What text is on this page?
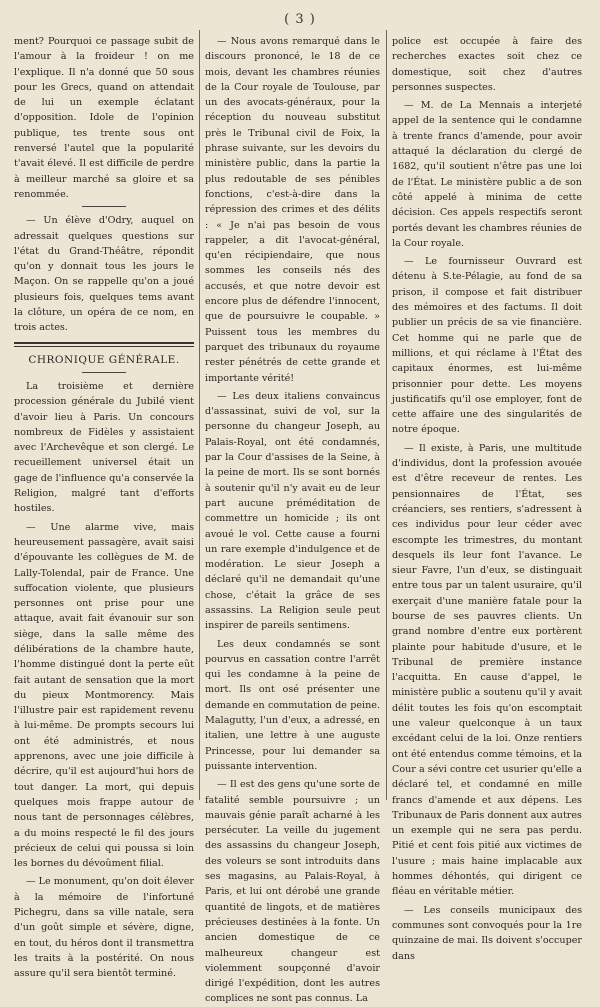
( 3 )

ment? Pourquoi ce passage subit de l'amour à la froideur ! on me l'explique. Il n'a donné que 50 sous pour les Grecs, quand on attendait de lui un exemple éclatant d'opposition. Idole de l'opinion publique, tes trente sous ont renversé l'autel que la popularité t'avait élevé. Il est difficile de perdre à meilleur marché sa gloire et sa renommée.

— Un élève d'Odry, auquel on adressait quelques questions sur l'état du Grand-Théâtre, répondit qu'on y donnait tous les jours le Maçon. On se rappelle qu'on a joué plusieurs fois, quelques tems avant la clôture, un opéra de ce nom, en trois actes.

CHRONIQUE GÉNÉRALE.

La troisième et dernière procession générale du Jubilé vient d'avoir lieu à Paris. Un concours nombreux de Fidèles y assistaient avec l'Archevêque et son clergé. Le recueillement universel était un gage de l'influence qu'a conservée la Religion, malgré tant d'efforts hostiles.

— Une alarme vive, mais heureusement passagère, avait saisi d'épouvante les collègues de M. de Lally-Tolendal, pair de France. Une suffocation violente, que plusieurs personnes ont prise pour une attaque, avait fait évanouir sur son siège, dans la salle même des délibérations de la chambre haute, l'homme distingué dont la perte eût fait autant de sensation que la mort du pieux Montmorency. Mais l'illustre pair est rapidement revenu à lui-même. De prompts secours lui ont été administrés, et nous apprenons, avec une joie difficile à décrire, qu'il est aujourd'hui hors de tout danger. La mort, qui depuis quelques mois frappe autour de nous tant de personnages célèbres, a du moins respecté le fil des jours précieux de celui qui poussa si loin les bornes du dévoûment filial.

— Le monument, qu'on doit élever à la mémoire de l'infortuné Pichegru, dans sa ville natale, sera d'un goût simple et sévère, digne, en tout, du héros dont il transmettra les traits à la postérité. On nous assure qu'il sera bientôt terminé.

— Nous avons remarqué dans le discours prononcé, le 18 de ce mois, devant les chambres réunies de la Cour royale de Toulouse, par un des avocats-généraux, pour la réception du nouveau substitut près le Tribunal civil de Foix, la phrase suivante, sur les devoirs du ministère public, dans la partie la plus redoutable de ses pénibles fonctions, c'est-à-dire dans la répression des crimes et des délits : « Je n'ai pas besoin de vous rappeler, a dit l'avocat-général, qu'en récipiendaire, que nous sommes les conseils nés des accusés, et que notre devoir est encore plus de défendre l'innocent, que de poursuivre le coupable. » Puissent tous les membres du parquet des tribunaux du royaume rester pénétrés de cette grande et importante vérité!

— Les deux italiens convaincus d'assassinat, suivi de vol, sur la personne du changeur Joseph, au Palais-Royal, ont été condamnés, par la Cour d'assises de la Seine, à la peine de mort. Ils se sont bornés à soutenir qu'il n'y avait eu de leur part aucune préméditation de commettre un homicide ; ils ont avoué le vol. Cette cause a fourni un rare exemple d'indulgence et de modération. Le sieur Joseph a déclaré qu'il ne demandait qu'une chose, c'était la grâce de ses assassins. La Religion seule peut inspirer de pareils sentimens.

Les deux condamnés se sont pourvus en cassation contre l'arrêt qui les condamne à la peine de mort. Ils ont osé présenter une demande en commutation de peine. Malagutty, l'un d'eux, a adressé, en italien, une lettre à une auguste Princesse, pour lui demander sa puissante intervention.

— Il est des gens qu'une sorte de fatalité semble poursuivre ; un mauvais génie paraît acharné à les persécuter. La veille du jugement des assassins du changeur Joseph, des voleurs se sont introduits dans ses magasins, au Palais-Royal, à Paris, et lui ont dérobé une grande quantité de lingots, et de matières précieuses destinées à la fonte. Un ancien domestique de ce malheureux changeur est violemment soupçonné d'avoir dirigé l'expédition, dont les autres complices ne sont pas connus. La

police est occupée à faire des recherches exactes soit chez ce domestique, soit chez d'autres personnes suspectes.

— M. de La Mennais a interjeté appel de la sentence qui le condamne à trente francs d'amende, pour avoir attaqué la déclaration du clergé de 1682, qu'il soutient n'être pas une loi de l'État. Le ministère public a de son côté appelé à minima de cette décision. Ces appels respectifs seront portés devant les chambres réunies de la Cour royale.

— Le fournisseur Ouvrard est détenu à S.te-Pélagie, au fond de sa prison, il compose et fait distribuer des mémoires et des factums. Il doit publier un précis de sa vie financière. Cet homme qui ne parle que de millions, et qui réclame à l'État des capitaux énormes, est lui-même prisonnier pour dette. Les moyens justificatifs qu'il ose employer, font de cette affaire une des singularités de notre époque.

— Il existe, à Paris, une multitude d'individus, dont la profession avouée est d'être receveur de rentes. Les pensionnaires de l'État, ses créanciers, ses rentiers, s'adressent à ces individus pour leur céder avec escompte les trimestres, du montant desquels ils leur font l'avance. Le sieur Favre, l'un d'eux, se distinguait entre tous par un talent usuraire, qu'il exerçait d'une manière fatale pour la bourse de ses pauvres clients. Un grand nombre d'entre eux portèrent plainte pour habitude d'usure, et le Tribunal de première instance l'acquitta. En cause d'appel, le ministère public a soutenu qu'il y avait délit toutes les fois qu'on escomptait une valeur quelconque à un taux excédant celui de la loi. Onze rentiers ont été entendus comme témoins, et la Cour a sévi contre cet usurier qu'elle a déclaré tel, et condamné en mille francs d'amende et aux dépens. Les Tribunaux de Paris donnent aux autres un exemple qui ne sera pas perdu. Pitié et cent fois pitié aux victimes de l'usure ; mais haine implacable aux hommes déhontés, qui dirigent ce fléau en véritable métier.

— Les conseils municipaux des communes sont convoqués pour la 1re quinzaine de mai. Ils doivent s'occuper dans
